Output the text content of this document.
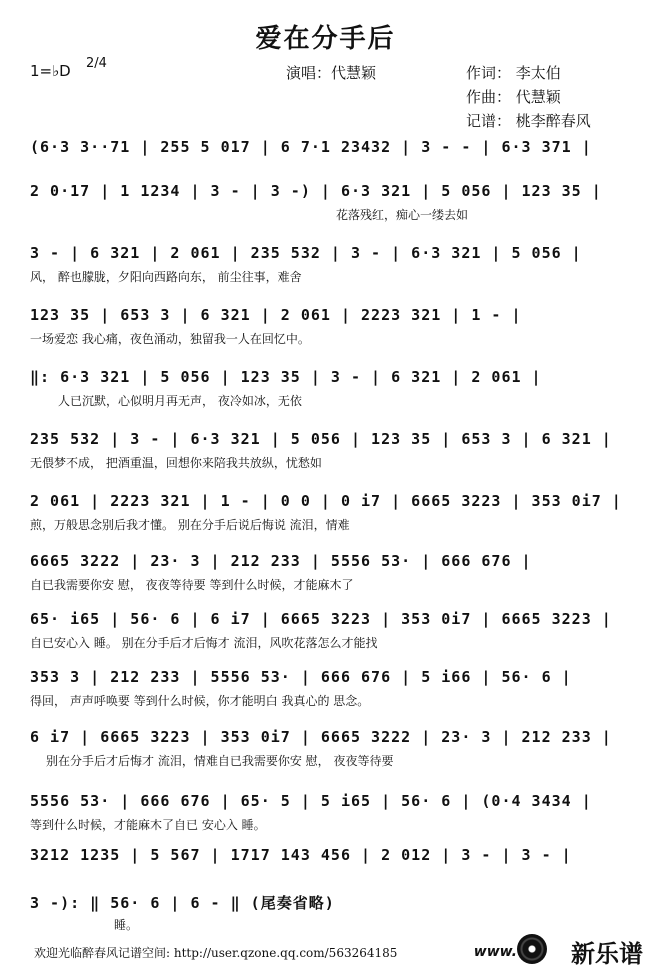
爱在分手后
1=♭D 2/4
演唱：代慧颖	作词： 李太伯
作曲： 代慧颖
记谱： 桃李醉春风
(6·3 3··71 | 255 5 017 | 6 7·1 23432 | 3 - - | 6·3 371 |
2 0·17 | 1 1234 | 3 - | 3 -) | 6·3 321 | 5 056 | 123 35 |
花落残红，痴心一缕去如
3 - | 6 321 | 2 061 | 235 532 | 3 - | 6·3 321 | 5 056 |
风， 醉也朦胧，夕阳向西路向东， 前尘往事，难舍
123 35 | 653 3 | 6 321 | 2 061 | 2223 321 | 1 - |
一场爱恋 我心痛，夜色涌动，独留我一人在回忆中。
‖: 6·3 321 | 5 056 | 123 35 | 3 - | 6 321 | 2 061 |
人已沉默，心似明月再无声， 夜冷如冰，无依
235 532 | 3 - | 6·3 321 | 5 056 | 123 35 | 653 3 | 6 321 |
无偎梦不成， 把酒重温，回想你来陪我共放纵，忧愁如
2 061 | 2223 321 | 1 - | 0 0 | 0 i7 | 6665 3223 | 353 0i7 |
煎，万般思念别后我才懂。 别在分手后说后悔说 流泪，情难
6665 3222 | 23· 3 | 212 233 | 5556 53· | 666 676 |
自已我需要你安 慰， 夜夜等待要 等到什么时候，才能麻木了
65· i65 | 56· 6 | 6 i7 | 6665 3223 | 353 0i7 | 6665 3223 |
自已安心入 睡。 别在分手后才后悔才 流泪，风吹花落怎么才能找
353 3 | 212 233 | 5556 53· | 666 676 | 5 i66 | 56· 6 |
得回， 声声呼唤要 等到什么时候，你才能明白 我真心的 思念。
6 i7 | 6665 3223 | 353 0i7 | 6665 3222 | 23· 3 | 212 233 |
别在分手后才后悔才 流泪，情难自已我需要你安 慰， 夜夜等待要
5556 53· | 666 676 | 65· 5 | 5 i65 | 56· 6 | (0·4 3434 |
等到什么时候，才能麻木了自已 安心入 睡。
3212 1235 | 5 567 | 1717 143 456 | 2 012 | 3 - | 3 - |
3 -): ‖ 56· 6 | 6 - ‖ (尾奏省略)
睡。
欢迎光临醉春风记谱空间: http://user.qzone.qq.com/563264185	www. 新乐谱
